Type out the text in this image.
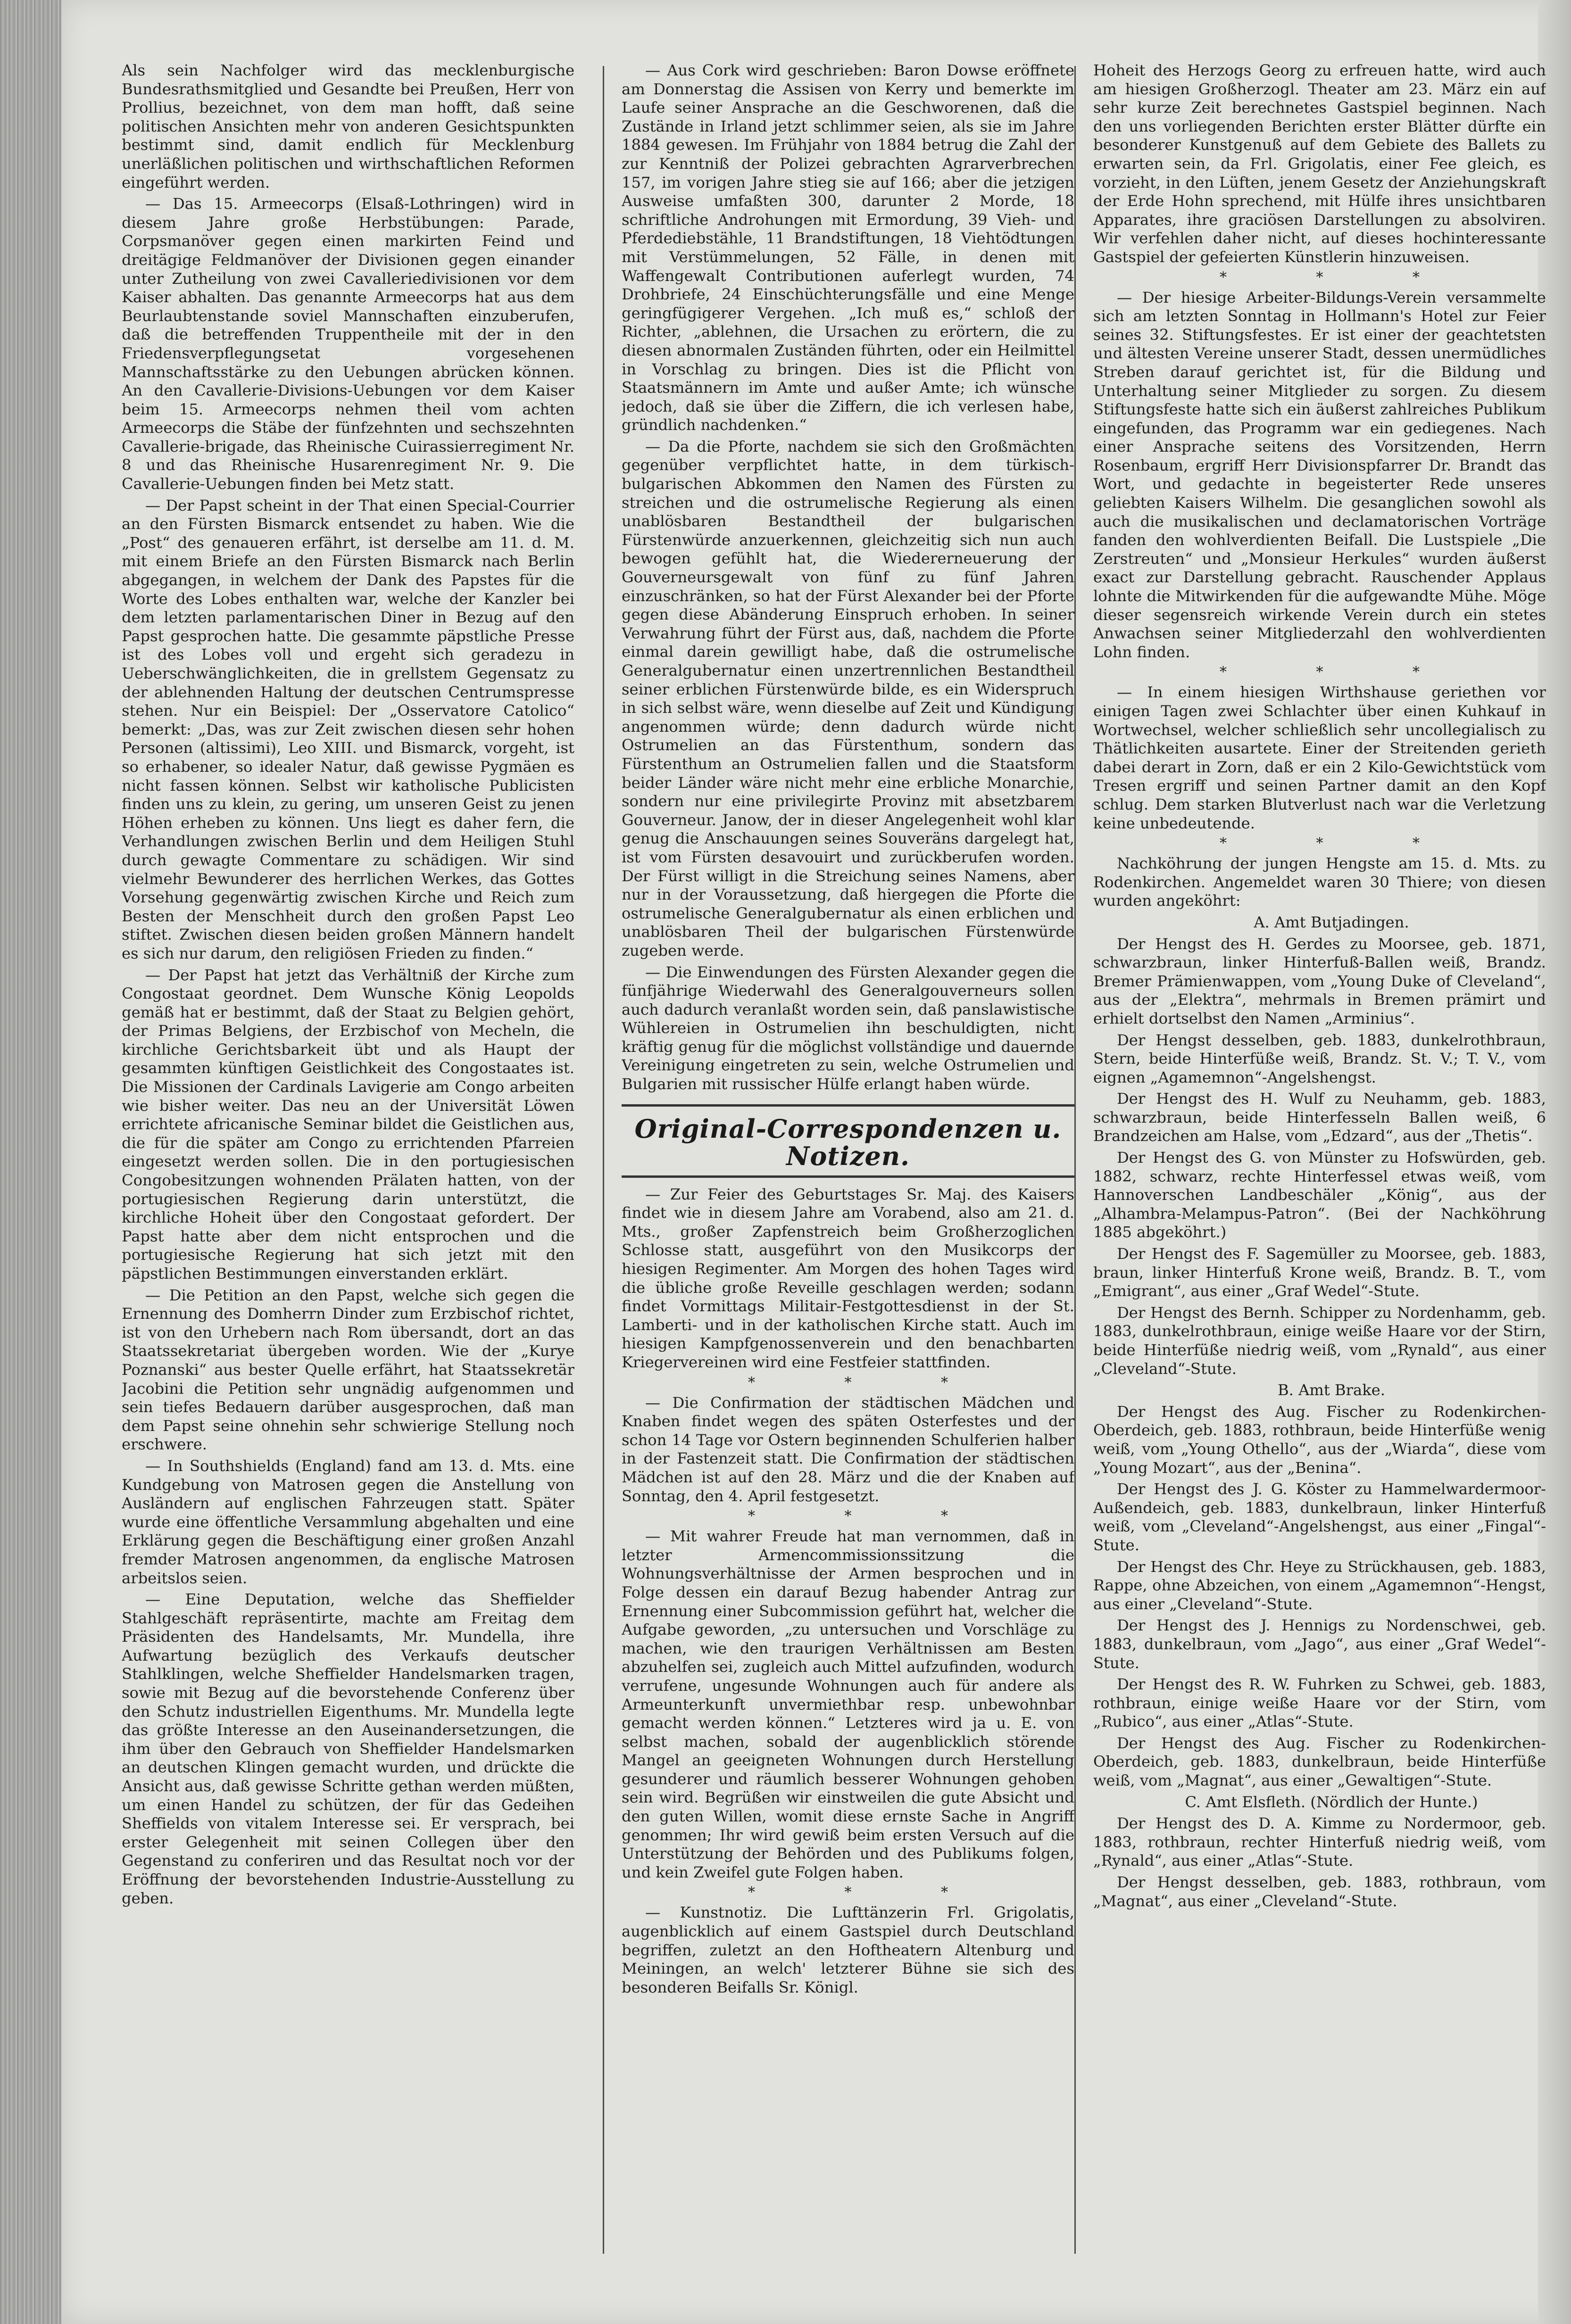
Als sein Nachfolger wird das mecklenburgische Bundesrathsmitglied und Gesandte bei Preußen, Herr von Prollius, bezeichnet, von dem man hofft, daß seine politischen Ansichten mehr von anderen Gesichtspunkten bestimmt sind, damit endlich für Mecklenburg unerläßlichen politischen und wirthschaftlichen Reformen eingeführt werden.

— Das 15. Armeecorps (Elsaß-Lothringen) wird in diesem Jahre große Herbstübungen: Parade, Corpsmanöver gegen einen markirten Feind und dreitägige Feldmanöver der Divisionen gegen einander unter Zutheilung von zwei Cavalleriedivisionen vor dem Kaiser abhalten. Das genannte Armeecorps hat aus dem Beurlaubtenstande soviel Mannschaften einzuberufen, daß die betreffenden Truppentheile mit der in den Friedensverpflegungsetat vorgesehenen Mannschaftsstärke zu den Uebungen abrücken können. An den Cavallerie-Divisions-Uebungen vor dem Kaiser beim 15. Armeecorps nehmen theil vom achten Armeecorps die Stäbe der fünfzehnten und sechszehnten Cavallerie-brigade, das Rheinische Cuirassierregiment Nr. 8 und das Rheinische Husarenregiment Nr. 9. Die Cavallerie-Uebungen finden bei Metz statt.

— Der Papst scheint in der That einen Special-Courrier an den Fürsten Bismarck entsendet zu haben. Wie die „Post“ des genaueren erfährt, ist derselbe am 11. d. M. mit einem Briefe an den Fürsten Bismarck nach Berlin abgegangen, in welchem der Dank des Papstes für die Worte des Lobes enthalten war, welche der Kanzler bei dem letzten parlamentarischen Diner in Bezug auf den Papst gesprochen hatte. Die gesammte päpstliche Presse ist des Lobes voll und ergeht sich geradezu in Ueberschwänglichkeiten, die in grellstem Gegensatz zu der ablehnenden Haltung der deutschen Centrumspresse stehen. Nur ein Beispiel: Der „Osservatore Catolico“ bemerkt: „Das, was zur Zeit zwischen diesen sehr hohen Personen (altissimi), Leo XIII. und Bismarck, vorgeht, ist so erhabener, so idealer Natur, daß gewisse Pygmäen es nicht fassen können. Selbst wir katholische Publicisten finden uns zu klein, zu gering, um unseren Geist zu jenen Höhen erheben zu können. Uns liegt es daher fern, die Verhandlungen zwischen Berlin und dem Heiligen Stuhl durch gewagte Commentare zu schädigen. Wir sind vielmehr Bewunderer des herrlichen Werkes, das Gottes Vorsehung gegenwärtig zwischen Kirche und Reich zum Besten der Menschheit durch den großen Papst Leo stiftet. Zwischen diesen beiden großen Männern handelt es sich nur darum, den religiösen Frieden zu finden.“

— Der Papst hat jetzt das Verhältniß der Kirche zum Congostaat geordnet. Dem Wunsche König Leopolds gemäß hat er bestimmt, daß der Staat zu Belgien gehört, der Primas Belgiens, der Erzbischof von Mecheln, die kirchliche Gerichtsbarkeit übt und als Haupt der gesammten künftigen Geistlichkeit des Congostaates ist. Die Missionen der Cardinals Lavigerie am Congo arbeiten wie bisher weiter. Das neu an der Universität Löwen errichtete africanische Seminar bildet die Geistlichen aus, die für die später am Congo zu errichtenden Pfarreien eingesetzt werden sollen. Die in den portugiesischen Congobesitzungen wohnenden Prälaten hatten, von der portugiesischen Regierung darin unterstützt, die kirchliche Hoheit über den Congostaat gefordert. Der Papst hatte aber dem nicht entsprochen und die portugiesische Regierung hat sich jetzt mit den päpstlichen Bestimmungen einverstanden erklärt.

— Die Petition an den Papst, welche sich gegen die Ernennung des Domherrn Dinder zum Erzbischof richtet, ist von den Urhebern nach Rom übersandt, dort an das Staatssekretariat übergeben worden. Wie der „Kurye Poznanski“ aus bester Quelle erfährt, hat Staatssekretär Jacobini die Petition sehr ungnädig aufgenommen und sein tiefes Bedauern darüber ausgesprochen, daß man dem Papst seine ohnehin sehr schwierige Stellung noch erschwere.

— In Southshields (England) fand am 13. d. Mts. eine Kundgebung von Matrosen gegen die Anstellung von Ausländern auf englischen Fahrzeugen statt. Später wurde eine öffentliche Versammlung abgehalten und eine Erklärung gegen die Beschäftigung einer großen Anzahl fremder Matrosen angenommen, da englische Matrosen arbeitslos seien.

— Eine Deputation, welche das Sheffielder Stahlgeschäft repräsentirte, machte am Freitag dem Präsidenten des Handelsamts, Mr. Mundella, ihre Aufwartung bezüglich des Verkaufs deutscher Stahlklingen, welche Sheffielder Handelsmarken tragen, sowie mit Bezug auf die bevorstehende Conferenz über den Schutz industriellen Eigenthums. Mr. Mundella legte das größte Interesse an den Auseinandersetzungen, die ihm über den Gebrauch von Sheffielder Handelsmarken an deutschen Klingen gemacht wurden, und drückte die Ansicht aus, daß gewisse Schritte gethan werden müßten, um einen Handel zu schützen, der für das Gedeihen Sheffields von vitalem Interesse sei. Er versprach, bei erster Gelegenheit mit seinen Collegen über den Gegenstand zu conferiren und das Resultat noch vor der Eröffnung der bevorstehenden Industrie-Ausstellung zu geben.

— Aus Cork wird geschrieben: Baron Dowse eröffnete am Donnerstag die Assisen von Kerry und bemerkte im Laufe seiner Ansprache an die Geschworenen, daß die Zustände in Irland jetzt schlimmer seien, als sie im Jahre 1884 gewesen. Im Frühjahr von 1884 betrug die Zahl der zur Kenntniß der Polizei gebrachten Agrarverbrechen 157, im vorigen Jahre stieg sie auf 166; aber die jetzigen Ausweise umfaßten 300, darunter 2 Morde, 18 schriftliche Androhungen mit Ermordung, 39 Vieh- und Pferdediebstähle, 11 Brandstiftungen, 18 Viehtödtungen mit Verstümmelungen, 52 Fälle, in denen mit Waffengewalt Contributionen auferlegt wurden, 74 Drohbriefe, 24 Einschüchterungsfälle und eine Menge geringfügigerer Vergehen. „Ich muß es,“ schloß der Richter, „ablehnen, die Ursachen zu erörtern, die zu diesen abnormalen Zuständen führten, oder ein Heilmittel in Vorschlag zu bringen. Dies ist die Pflicht von Staatsmännern im Amte und außer Amte; ich wünsche jedoch, daß sie über die Ziffern, die ich verlesen habe, gründlich nachdenken.“

— Da die Pforte, nachdem sie sich den Großmächten gegenüber verpflichtet hatte, in dem türkisch-bulgarischen Abkommen den Namen des Fürsten zu streichen und die ostrumelische Regierung als einen unablösbaren Bestandtheil der bulgarischen Fürstenwürde anzuerkennen, gleichzeitig sich nun auch bewogen gefühlt hat, die Wiedererneuerung der Gouverneursgewalt von fünf zu fünf Jahren einzuschränken, so hat der Fürst Alexander bei der Pforte gegen diese Abänderung Einspruch erhoben. In seiner Verwahrung führt der Fürst aus, daß, nachdem die Pforte einmal darein gewilligt habe, daß die ostrumelische Generalgubernatur einen unzertrennlichen Bestandtheil seiner erblichen Fürstenwürde bilde, es ein Widerspruch in sich selbst wäre, wenn dieselbe auf Zeit und Kündigung angenommen würde; denn dadurch würde nicht Ostrumelien an das Fürstenthum, sondern das Fürstenthum an Ostrumelien fallen und die Staatsform beider Länder wäre nicht mehr eine erbliche Monarchie, sondern nur eine privilegirte Provinz mit absetzbarem Gouverneur. Janow, der in dieser Angelegenheit wohl klar genug die Anschauungen seines Souveräns dargelegt hat, ist vom Fürsten desavouirt und zurückberufen worden. Der Fürst willigt in die Streichung seines Namens, aber nur in der Voraussetzung, daß hiergegen die Pforte die ostrumelische Generalgubernatur als einen erblichen und unablösbaren Theil der bulgarischen Fürstenwürde zugeben werde.

— Die Einwendungen des Fürsten Alexander gegen die fünfjährige Wiederwahl des Generalgouverneurs sollen auch dadurch veranlaßt worden sein, daß panslawistische Wühlereien in Ostrumelien ihn beschuldigten, nicht kräftig genug für die möglichst vollständige und dauernde Vereinigung eingetreten zu sein, welche Ostrumelien und Bulgarien mit russischer Hülfe erlangt haben würde.

Original-Correspondenzen u. Notizen.

— Zur Feier des Geburtstages Sr. Maj. des Kaisers findet wie in diesem Jahre am Vorabend, also am 21. d. Mts., großer Zapfenstreich beim Großherzoglichen Schlosse statt, ausgeführt von den Musikcorps der hiesigen Regimenter. Am Morgen des hohen Tages wird die übliche große Reveille geschlagen werden; sodann findet Vormittags Militair-Festgottesdienst in der St. Lamberti- und in der katholischen Kirche statt. Auch im hiesigen Kampfgenossenverein und den benachbarten Kriegervereinen wird eine Festfeier stattfinden.

* * *

— Die Confirmation der städtischen Mädchen und Knaben findet wegen des späten Osterfestes und der schon 14 Tage vor Ostern beginnenden Schulferien halber in der Fastenzeit statt. Die Confirmation der städtischen Mädchen ist auf den 28. März und die der Knaben auf Sonntag, den 4. April festgesetzt.

* * *

— Mit wahrer Freude hat man vernommen, daß in letzter Armencommissionssitzung die Wohnungsverhältnisse der Armen besprochen und in Folge dessen ein darauf Bezug habender Antrag zur Ernennung einer Subcommission geführt hat, welcher die Aufgabe geworden, „zu untersuchen und Vorschläge zu machen, wie den traurigen Verhältnissen am Besten abzuhelfen sei, zugleich auch Mittel aufzufinden, wodurch verrufene, ungesunde Wohnungen auch für andere als Armeunterkunft unvermiethbar resp. unbewohnbar gemacht werden können.“ Letzteres wird ja u. E. von selbst machen, sobald der augenblicklich störende Mangel an geeigneten Wohnungen durch Herstellung gesunderer und räumlich besserer Wohnungen gehoben sein wird. Begrüßen wir einstweilen die gute Absicht und den guten Willen, womit diese ernste Sache in Angriff genommen; Ihr wird gewiß beim ersten Versuch auf die Unterstützung der Behörden und des Publikums folgen, und kein Zweifel gute Folgen haben.

* * *

— Kunstnotiz. Die Lufttänzerin Frl. Grigolatis, augenblicklich auf einem Gastspiel durch Deutschland begriffen, zuletzt an den Hoftheatern Altenburg und Meiningen, an welch' letzterer Bühne sie sich des besonderen Beifalls Sr. Königl.

Hoheit des Herzogs Georg zu erfreuen hatte, wird auch am hiesigen Großherzogl. Theater am 23. März ein auf sehr kurze Zeit berechnetes Gastspiel beginnen. Nach den uns vorliegenden Berichten erster Blätter dürfte ein besonderer Kunstgenuß auf dem Gebiete des Ballets zu erwarten sein, da Frl. Grigolatis, einer Fee gleich, es vorzieht, in den Lüften, jenem Gesetz der Anziehungskraft der Erde Hohn sprechend, mit Hülfe ihres unsichtbaren Apparates, ihre graciösen Darstellungen zu absolviren. Wir verfehlen daher nicht, auf dieses hochinteressante Gastspiel der gefeierten Künstlerin hinzuweisen.

* * *

— Der hiesige Arbeiter-Bildungs-Verein versammelte sich am letzten Sonntag in Hollmann's Hotel zur Feier seines 32. Stiftungsfestes. Er ist einer der geachtetsten und ältesten Vereine unserer Stadt, dessen unermüdliches Streben darauf gerichtet ist, für die Bildung und Unterhaltung seiner Mitglieder zu sorgen. Zu diesem Stiftungsfeste hatte sich ein äußerst zahlreiches Publikum eingefunden, das Programm war ein gediegenes. Nach einer Ansprache seitens des Vorsitzenden, Herrn Rosenbaum, ergriff Herr Divisionspfarrer Dr. Brandt das Wort, und gedachte in begeisterter Rede unseres geliebten Kaisers Wilhelm. Die gesanglichen sowohl als auch die musikalischen und declamatorischen Vorträge fanden den wohlverdienten Beifall. Die Lustspiele „Die Zerstreuten“ und „Monsieur Herkules“ wurden äußerst exact zur Darstellung gebracht. Rauschender Applaus lohnte die Mitwirkenden für die aufgewandte Mühe. Möge dieser segensreich wirkende Verein durch ein stetes Anwachsen seiner Mitgliederzahl den wohlverdienten Lohn finden.

* * *

— In einem hiesigen Wirthshause geriethen vor einigen Tagen zwei Schlachter über einen Kuhkauf in Wortwechsel, welcher schließlich sehr uncollegialisch zu Thätlichkeiten ausartete. Einer der Streitenden gerieth dabei derart in Zorn, daß er ein 2 Kilo-Gewichtstück vom Tresen ergriff und seinen Partner damit an den Kopf schlug. Dem starken Blutverlust nach war die Verletzung keine unbedeutende.

* * *

Nachköhrung der jungen Hengste am 15. d. Mts. zu Rodenkirchen. Angemeldet waren 30 Thiere; von diesen wurden angeköhrt:

A. Amt Butjadingen.

Der Hengst des H. Gerdes zu Moorsee, geb. 1871, schwarzbraun, linker Hinterfuß-Ballen weiß, Brandz. Bremer Prämienwappen, vom „Young Duke of Cleveland“, aus der „Elektra“, mehrmals in Bremen prämirt und erhielt dortselbst den Namen „Arminius“.

Der Hengst desselben, geb. 1883, dunkelrothbraun, Stern, beide Hinterfüße weiß, Brandz. St. V.; T. V., vom eignen „Agamemnon“-Angelshengst.

Der Hengst des H. Wulf zu Neuhamm, geb. 1883, schwarzbraun, beide Hinterfesseln Ballen weiß, 6 Brandzeichen am Halse, vom „Edzard“, aus der „Thetis“.

Der Hengst des G. von Münster zu Hofswürden, geb. 1882, schwarz, rechte Hinterfessel etwas weiß, vom Hannoverschen Landbeschäler „König“, aus der „Alhambra-Melampus-Patron“. (Bei der Nachköhrung 1885 abgeköhrt.)

Der Hengst des F. Sagemüller zu Moorsee, geb. 1883, braun, linker Hinterfuß Krone weiß, Brandz. B. T., vom „Emigrant“, aus einer „Graf Wedel“-Stute.

Der Hengst des Bernh. Schipper zu Nordenhamm, geb. 1883, dunkelrothbraun, einige weiße Haare vor der Stirn, beide Hinterfüße niedrig weiß, vom „Rynald“, aus einer „Cleveland“-Stute.

B. Amt Brake.

Der Hengst des Aug. Fischer zu Rodenkirchen-Oberdeich, geb. 1883, rothbraun, beide Hinterfüße wenig weiß, vom „Young Othello“, aus der „Wiarda“, diese vom „Young Mozart“, aus der „Benina“.

Der Hengst des J. G. Köster zu Hammelwardermoor-Außendeich, geb. 1883, dunkelbraun, linker Hinterfuß weiß, vom „Cleveland“-Angelshengst, aus einer „Fingal“-Stute.

Der Hengst des Chr. Heye zu Strückhausen, geb. 1883, Rappe, ohne Abzeichen, von einem „Agamemnon“-Hengst, aus einer „Cleveland“-Stute.

Der Hengst des J. Hennigs zu Nordenschwei, geb. 1883, dunkelbraun, vom „Jago“, aus einer „Graf Wedel“-Stute.

Der Hengst des R. W. Fuhrken zu Schwei, geb. 1883, rothbraun, einige weiße Haare vor der Stirn, vom „Rubico“, aus einer „Atlas“-Stute.

Der Hengst des Aug. Fischer zu Rodenkirchen-Oberdeich, geb. 1883, dunkelbraun, beide Hinterfüße weiß, vom „Magnat“, aus einer „Gewaltigen“-Stute.

C. Amt Elsfleth. (Nördlich der Hunte.)

Der Hengst des D. A. Kimme zu Nordermoor, geb. 1883, rothbraun, rechter Hinterfuß niedrig weiß, vom „Rynald“, aus einer „Atlas“-Stute.

Der Hengst desselben, geb. 1883, rothbraun, vom „Magnat“, aus einer „Cleveland“-Stute.
